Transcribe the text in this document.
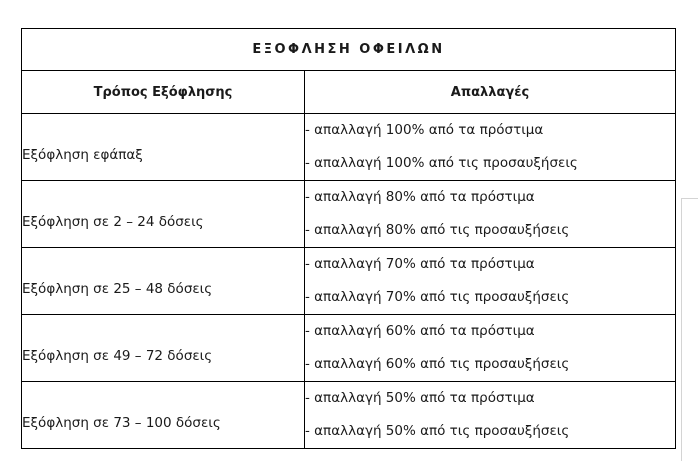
ΕΞΟΦΛΗΣΗ ΟΦΕΙΛΩΝ	
Τρόπος Εξόφλησης	Απαλλαγές
Εξόφληση εφάπαξ	- απαλλαγή 100% από τα πρόστιμα
- απαλλαγή 100% από τις προσαυξήσεις

Εξόφληση σε 2 – 24 δόσεις	- απαλλαγή 80% από τα πρόστιμα
- απαλλαγή 80% από τις προσαυξήσεις

Εξόφληση σε 25 – 48 δόσεις	- απαλλαγή 70% από τα πρόστιμα
- απαλλαγή 70% από τις προσαυξήσεις

Εξόφληση σε 49 – 72 δόσεις	- απαλλαγή 60% από τα πρόστιμα
- απαλλαγή 60% από τις προσαυξήσεις

Εξόφληση σε 73 – 100 δόσεις	- απαλλαγή 50% από τα πρόστιμα
- απαλλαγή 50% από τις προσαυξήσεις
